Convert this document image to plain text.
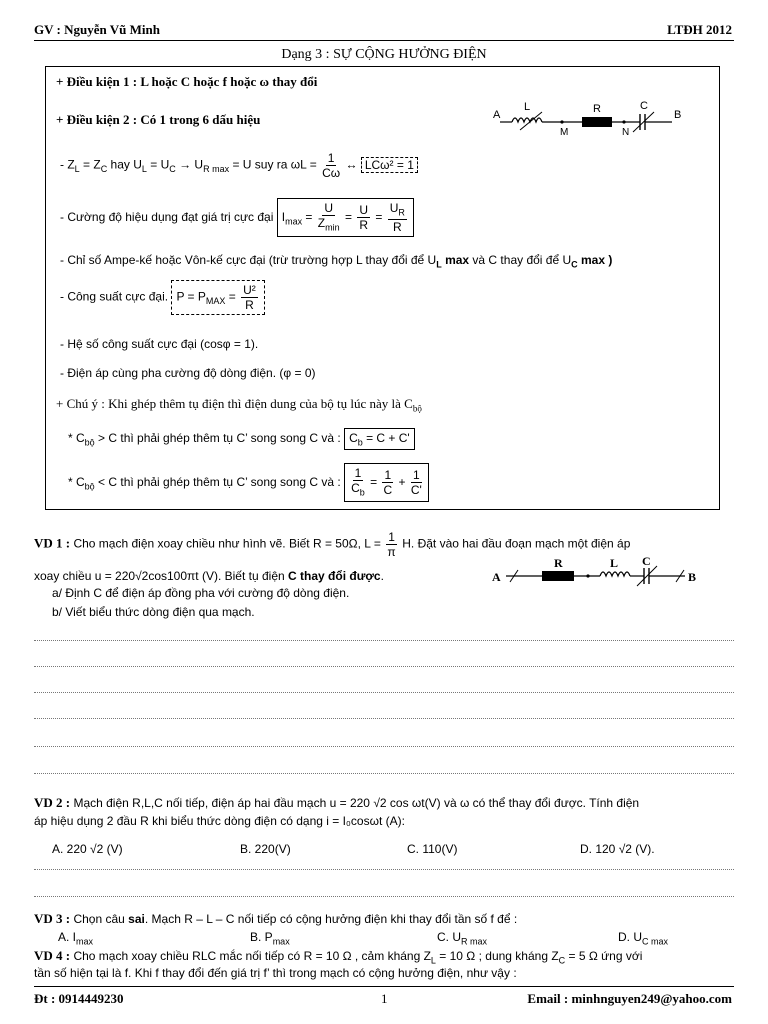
GV : Nguyễn Vũ Minh	LTĐH 2012
Dạng 3 : SỰ CỘNG HƯỞNG ĐIỆN
+ Điều kiện 1 : L hoặc C hoặc f hoặc ω thay đổi
+ Điều kiện 2 : Có 1 trong 6 dấu hiệu	A
L
M
R
N
C
B
- $Z_L = Z_C$ hay $U_L = U_C \to U_{R max} = U$ suy ra $\omega L = \frac{1}{C\omega}$ ↔ LCω² = 1
- Cường độ hiệu dụng đạt giá trị cực đại $I_{max} = \frac{U}{Z_{min}} = \frac{U}{R} = \frac{U_R}{R}$
- Chỉ số Ampe-kế hoặc Vôn-kế cực đại (trừ trường hợp L thay đổi để $U_L$ max và C thay đổi để $U_C$ max )
- Công suất cực đại. $P = P_{MAX} = \frac{\text{U²}}{R}$
- Hệ số công suất cực đại (cosφ = 1).
- Điện áp cùng pha cường độ dòng điện. (φ = 0)
+ Chú ý : Khi ghép thêm tụ điện thì điện dung của bộ tụ lúc này là $C_{bộ}$
* $C_{bộ} > C$ thì phải ghép thêm tụ C’ song song C và : $C_b = C + C'$
* $C_{bộ} < C$ thì phải ghép thêm tụ C’ song song C và : $\frac{1}{C_b} = \frac{1}{C} + \frac{1}{C'}$
VD 1 : Cho mạch điện xoay chiều như hình vẽ. Biết R = 50Ω, $L = \frac{1}{\pi} H$. Đặt vào hai đầu đoạn mạch một điện áp
xoay chiều u = 220√2cos100πt (V). Biết tụ điện C thay đổi được.
a/ Định C để điện áp đồng pha với cường độ dòng điện.
b/ Viết biểu thức dòng điện qua mạch.
A
R	L C
B
VD 2 : Mạch điện R,L,C nối tiếp, điện áp hai đầu mạch u = 220 √2 cos ωt(V) và ω có thể thay đổi được. Tính điện
áp hiệu dụng 2 đầu R khi biểu thức dòng điện có dạng i = I₀cosωt (A):
A. 220 √2 (V)	B. 220(V)	C. 110(V)	D. 120 √2 (V).
VD 3 : Chọn câu sai. Mạch R – L – C nối tiếp có cộng hưởng điện khi thay đổi tần số f để :
A. $I_{max}$	B. $P_{max}$	C. $U_{R max}$	D. $U_{C max}$
VD 4 : Cho mạch xoay chiều RLC mắc nối tiếp có R = 10 Ω , cảm kháng $Z_L = 10$ Ω ; dung kháng $Z_C = 5$ Ω ứng với
tần số hiện tại là f. Khi f thay đổi đến giá trị f’ thì trong mạch có cộng hưởng điện, như vậy :
Đt : 0914449230	1	Email : minhnguyen249@yahoo.com
